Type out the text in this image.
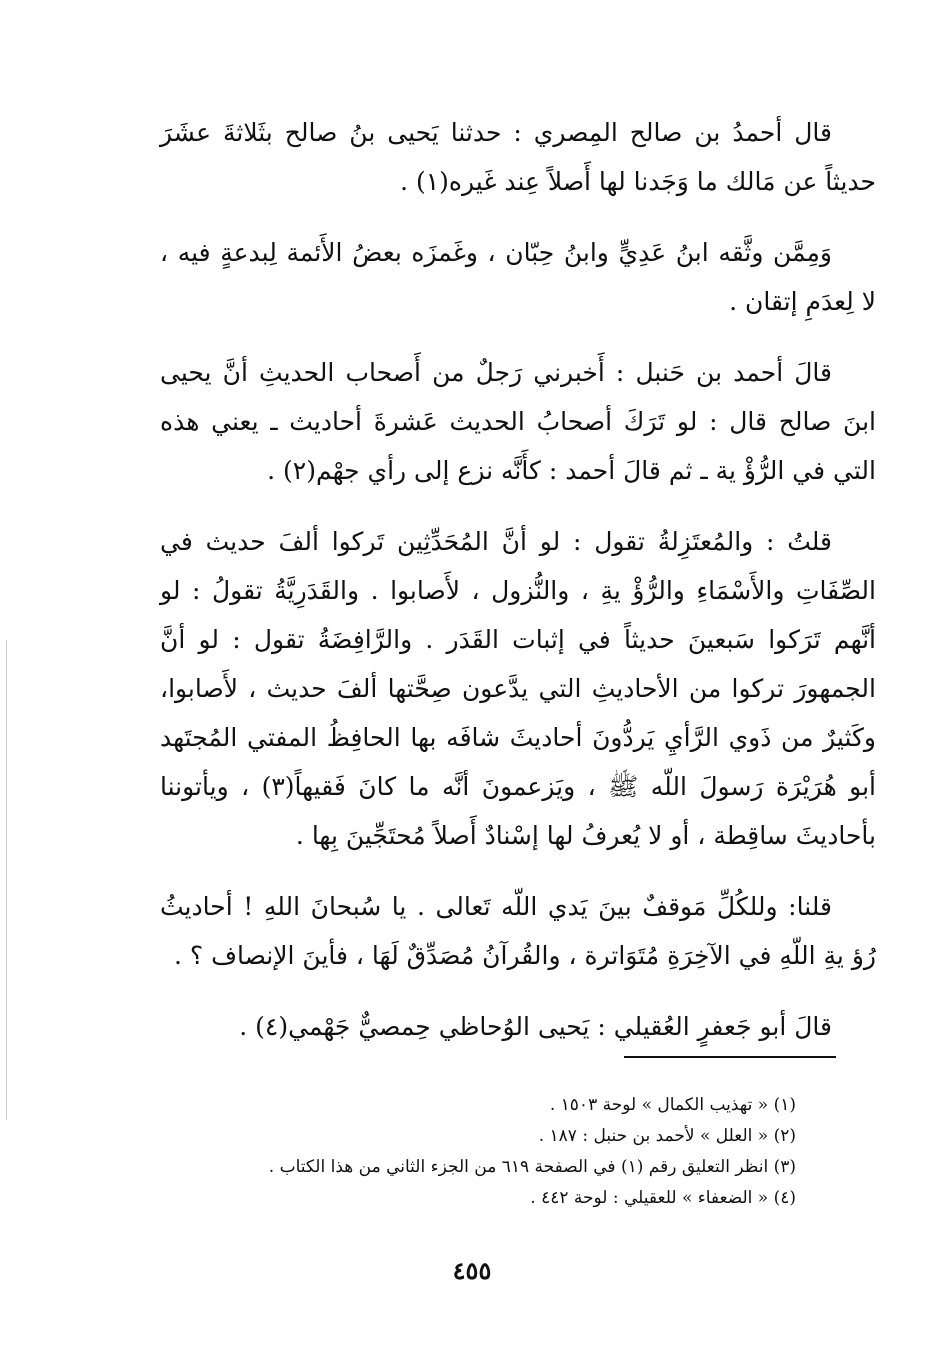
قال أحمدُ بن صالح المِصري : حدثنا يَحيى بنُ صالح بثَلاثةَ عشَرَ حديثاً عن مَالك ما وَجَدنا لها أَصلاً عِند غَيره(١) .

وَمِمَّن وثَّقه ابنُ عَدِيٍّ وابنُ حِبّان ، وغَمزَه بعضُ الأَئمة لِبدعةٍ فيه ، لا لِعدَمِ إتقان .

قالَ أحمد بن حَنبل : أَخبرني رَجلٌ من أَصحاب الحديثِ أنَّ يحيى ابنَ صالح قال : لو تَرَكَ أصحابُ الحديث عَشرةَ أحاديث ـ يعني هذه التي في الرُّؤْ ية ـ ثم قالَ أحمد : كأَنَّه نزع إلى رأي جهْم(٢) .

قلتُ : والمُعتَزِلةُ تقول : لو أنَّ المُحَدِّثِين تَركوا ألفَ حديث في الصِّفَاتِ والأَسْمَاءِ والرُّؤْ يةِ ، والنُّزول ، لأَصابوا . والقَدَرِيَّةُ تقولُ : لو أنَّهم تَرَكوا سَبعينَ حديثاً في إثبات القَدَر . والرَّافِضَةُ تقول : لو أنَّ الجمهورَ تركوا من الأحاديثِ التي يدَّعون صِحَّتها ألفَ حديث ، لأَصابوا، وكَثيرٌ من ذَوي الرَّأيِ يَردُّونَ أحاديثَ شافَه بها الحافِظُ المفتي المُجتَهد أبو هُرَيْرَة رَسولَ اللّه ﷺ ، ويَزعمونَ أنَّه ما كانَ فَقيهاً(٣) ، ويأتوننا بأحاديثَ ساقِطة ، أو لا يُعرفُ لها إسْنادٌ أَصلاً مُحتَجِّينَ بِها .

قلنا: وللكُلِّ مَوقفٌ بينَ يَدي اللّه تَعالى . يا سُبحانَ اللهِ ! أحاديثُ رُؤ يةِ اللّهِ في الآخِرَةِ مُتَوَاترة ، والقُرآنُ مُصَدِّقٌ لَهَا ، فأينَ الإنصاف ؟ .

قالَ أبو جَعفرٍ العُقيلي : يَحيى الوُحاظي حِمصيٌّ جَهْمي(٤) .

(١) « تهذيب الكمال » لوحة ١٥٠٣ .

(٢) « العلل » لأحمد بن حنبل : ١٨٧ .

(٣) انظر التعليق رقم (١) في الصفحة ٦١٩ من الجزء الثاني من هذا الكتاب .

(٤) « الضعفاء » للعقيلي : لوحة ٤٤٢ .

٤٥٥
